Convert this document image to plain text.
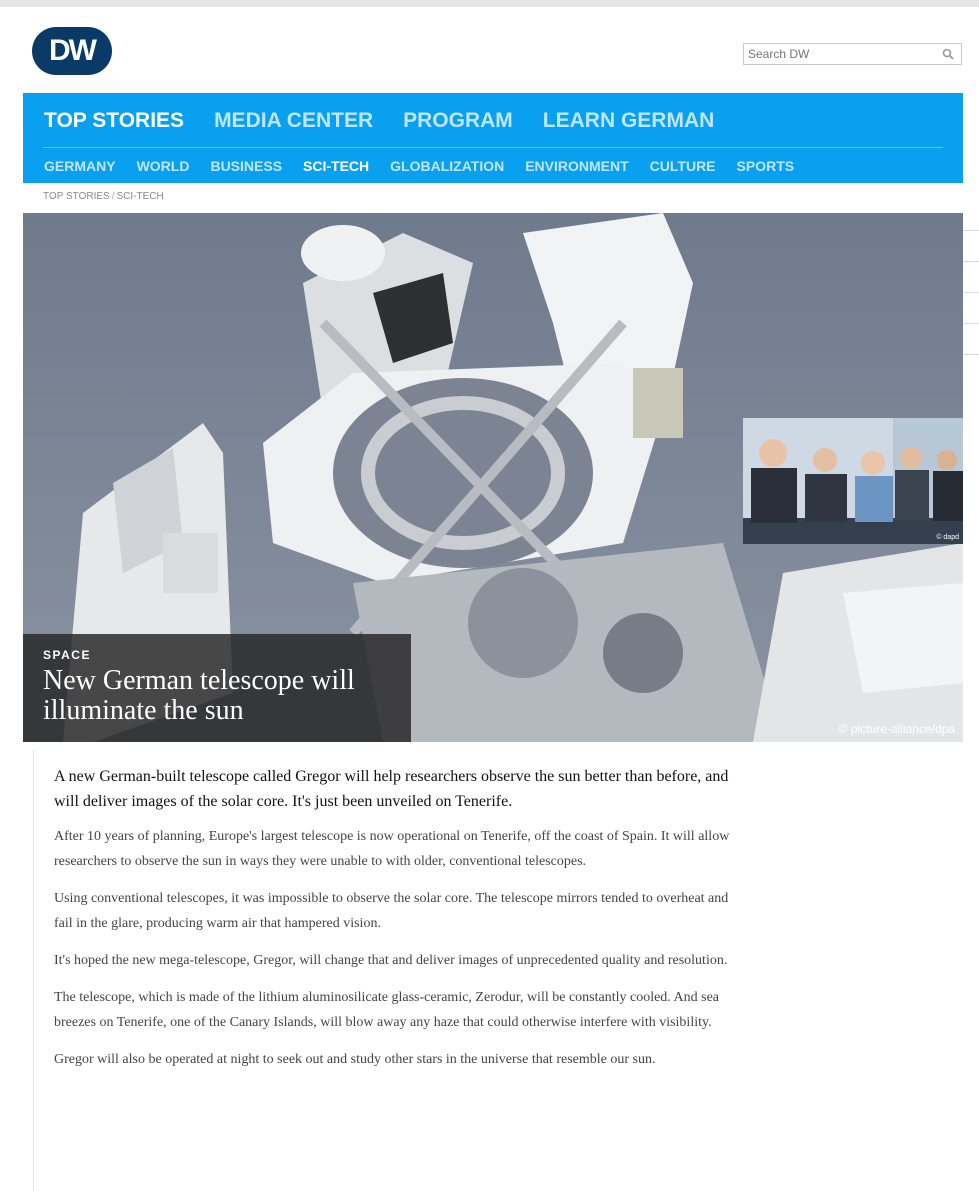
DW
Search DW
TOP STORIES MEDIA CENTER PROGRAM LEARN GERMAN
GERMANY WORLD BUSINESS SCI-TECH GLOBALIZATION ENVIRONMENT CULTURE SPORTS
TOP STORIES / SCI-TECH
© dapd
SPACE
New German telescope will illuminate the sun
© picture-alliance/dpa

A new German-built telescope called Gregor will help researchers observe the sun better than before, and will deliver images of the solar core. It's just been unveiled on Tenerife.

After 10 years of planning, Europe's largest telescope is now operational on Tenerife, off the coast of Spain. It will allow researchers to observe the sun in ways they were unable to with older, conventional telescopes.

Using conventional telescopes, it was impossible to observe the solar core. The telescope mirrors tended to overheat and fail in the glare, producing warm air that hampered vision.

It's hoped the new mega-telescope, Gregor, will change that and deliver images of unprecedented quality and resolution.

The telescope, which is made of the lithium aluminosilicate glass-ceramic, Zerodur, will be constantly cooled. And sea breezes on Tenerife, one of the Canary Islands, will blow away any haze that could otherwise interfere with visibility.

Gregor will also be operated at night to seek out and study other stars in the universe that resemble our sun.
